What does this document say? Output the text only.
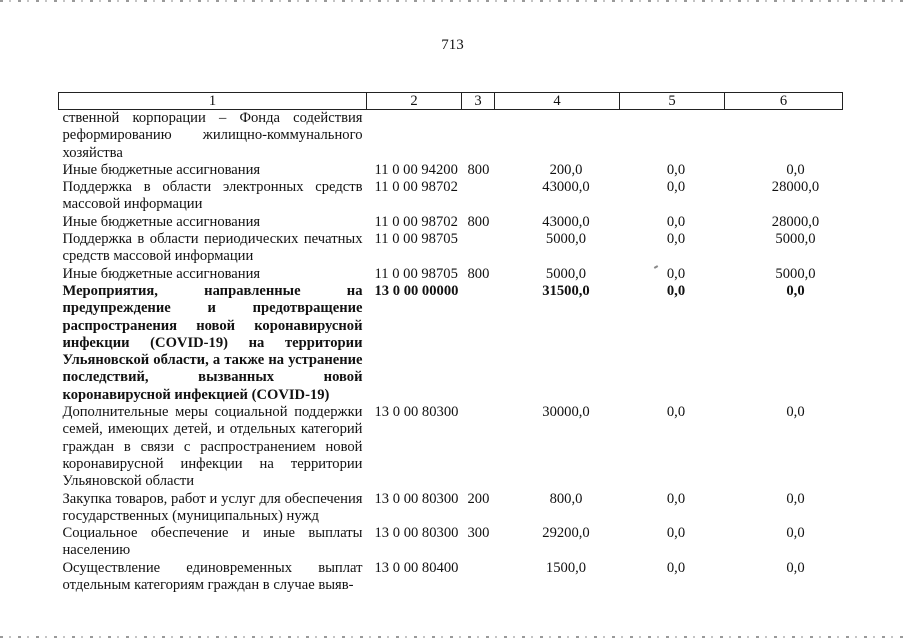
713
1	2	3	4	5	6
ственной корпорации – Фонда содействия реформированию жилищно-коммунального хозяйства					
Иные бюджетные ассигнования	11 0 00 94200	800	200,0	0,0	0,0
Поддержка в области электронных средств массовой информации	11 0 00 98702		43000,0	0,0	28000,0
Иные бюджетные ассигнования	11 0 00 98702	800	43000,0	0,0	28000,0
Поддержка в области периодических печатных средств массовой информации	11 0 00 98705		5000,0	0,0	5000,0
Иные бюджетные ассигнования	11 0 00 98705	800	5000,0	0,0	5000,0
Мероприятия, направленные на предупреждение и предотвращение распространения новой коронавирусной инфекции (COVID-19) на территории Ульяновской области, а также на устранение последствий, вызванных новой коронавирусной инфекцией (COVID-19)	13 0 00 00000		31500,0	0,0	0,0
Дополнительные меры социальной поддержки семей, имеющих детей, и отдельных категорий граждан в связи с распространением новой коронавирусной инфекции на территории Ульяновской области	13 0 00 80300		30000,0	0,0	0,0
Закупка товаров, работ и услуг для обеспечения государственных (муниципальных) нужд	13 0 00 80300	200	800,0	0,0	0,0
Социальное обеспечение и иные выплаты населению	13 0 00 80300	300	29200,0	0,0	0,0
Осуществление единовременных выплат отдельным категориям граждан в случае выяв-	13 0 00 80400		1500,0	0,0	0,0
